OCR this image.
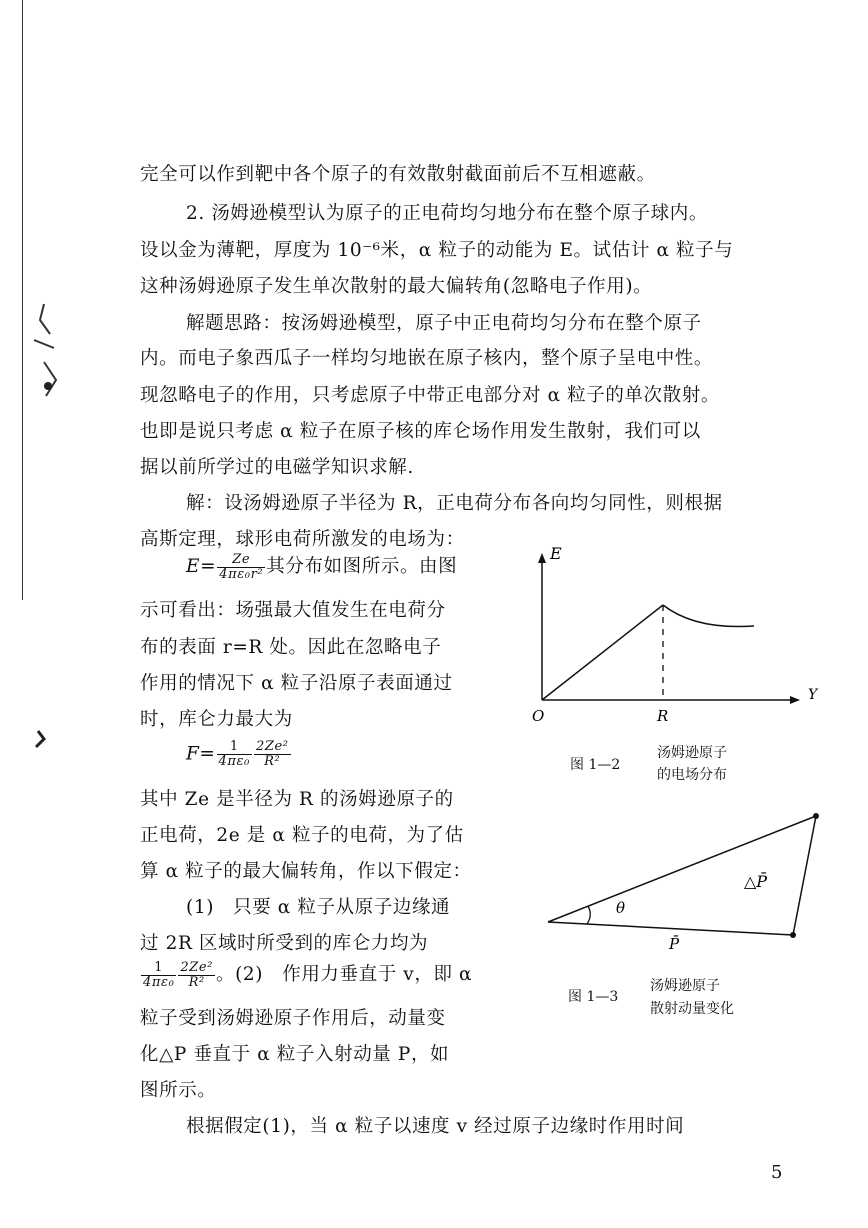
完全可以作到靶中各个原子的有效散射截面前后不互相遮蔽。
2. 汤姆逊模型认为原子的正电荷均匀地分布在整个原子球内。
设以金为薄靶，厚度为 10⁻⁶米，α 粒子的动能为 E。试估计 α 粒子与
这种汤姆逊原子发生单次散射的最大偏转角(忽略电子作用)。
解题思路：按汤姆逊模型，原子中正电荷均匀分布在整个原子
内。而电子象西瓜子一样均匀地嵌在原子核内，整个原子呈电中性。
现忽略电子的作用，只考虑原子中带正电部分对 α 粒子的单次散射。
也即是说只考虑 α 粒子在原子核的库仑场作用发生散射，我们可以
据以前所学过的电磁学知识求解.
解：设汤姆逊原子半径为 R，正电荷分布各向均匀同性，则根据
高斯定理，球形电荷所激发的电场为：
$E= \frac{Ze}{\text{4πε₀r²}}$ 其分布如图所示。由图
示可看出：场强最大值发生在电荷分
布的表面 r=R 处。因此在忽略电子
作用的情况下 α 粒子沿原子表面通过
时，库仑力最大为
$F= \frac{1}{\text{4πε₀}} \frac{\text{2Ze²}}{\text{R²}}$
其中 Ze 是半径为 R 的汤姆逊原子的
正电荷，2e 是 α 粒子的电荷，为了估
算 α 粒子的最大偏转角，作以下假定：
(1)　只要 α 粒子从原子边缘通
过 2R 区域时所受到的库仑力均为
$\frac{1}{\text{4πε₀}} \frac{\text{2Ze²}}{\text{R²}}$ 。(2)　作用力垂直于 v，即 α
粒子受到汤姆逊原子作用后，动量变
化△P 垂直于 α 粒子入射动量 P，如
图所示。
根据假定(1)，当 α 粒子以速度 v 经过原子边缘时作用时间
E
Y
O	R
图 1—2
汤姆逊原子
的电场分布
θ
△P̄
P̄
图 1—3
汤姆逊原子
散射动量变化
5
